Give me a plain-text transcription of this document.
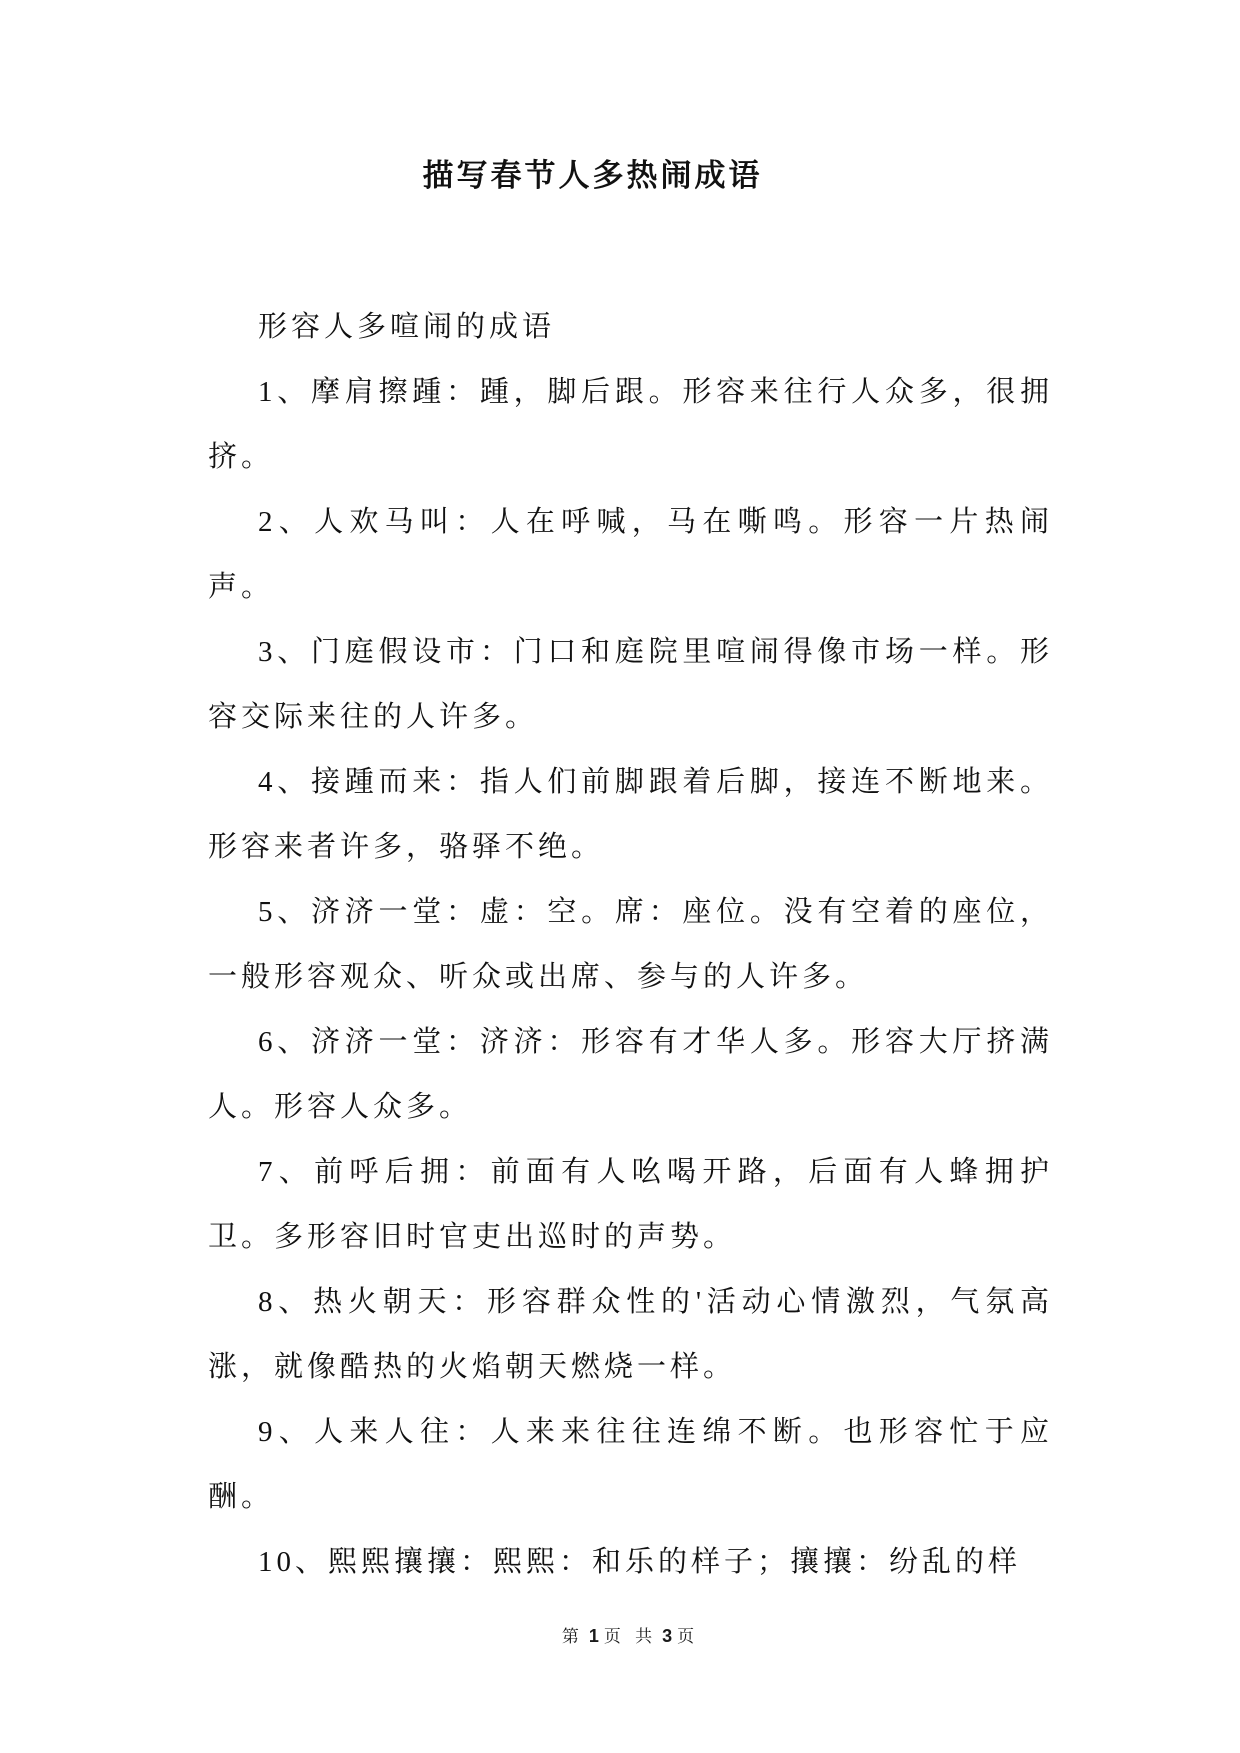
描写春节人多热闹成语
形容人多喧闹的成语
1、摩肩擦踵：踵，脚后跟。形容来往行人众多，很拥
挤。
2、人欢马叫：人在呼喊，马在嘶鸣。形容一片热闹
声。
3、门庭假设市：门口和庭院里喧闹得像市场一样。形
容交际来往的人许多。
4、接踵而来：指人们前脚跟着后脚，接连不断地来。
形容来者许多，骆驿不绝。
5、济济一堂：虚：空。席：座位。没有空着的座位，
一般形容观众、听众或出席、参与的人许多。
6、济济一堂：济济：形容有才华人多。形容大厅挤满
人。形容人众多。
7、前呼后拥：前面有人吆喝开路，后面有人蜂拥护
卫。多形容旧时官吏出巡时的声势。
8、热火朝天：形容群众性的'活动心情激烈，气氛高
涨，就像酷热的火焰朝天燃烧一样。
9、人来人往：人来来往往连绵不断。也形容忙于应
酬。
10、熙熙攘攘：熙熙：和乐的样子；攘攘：纷乱的样
第 1 页 共 3 页
